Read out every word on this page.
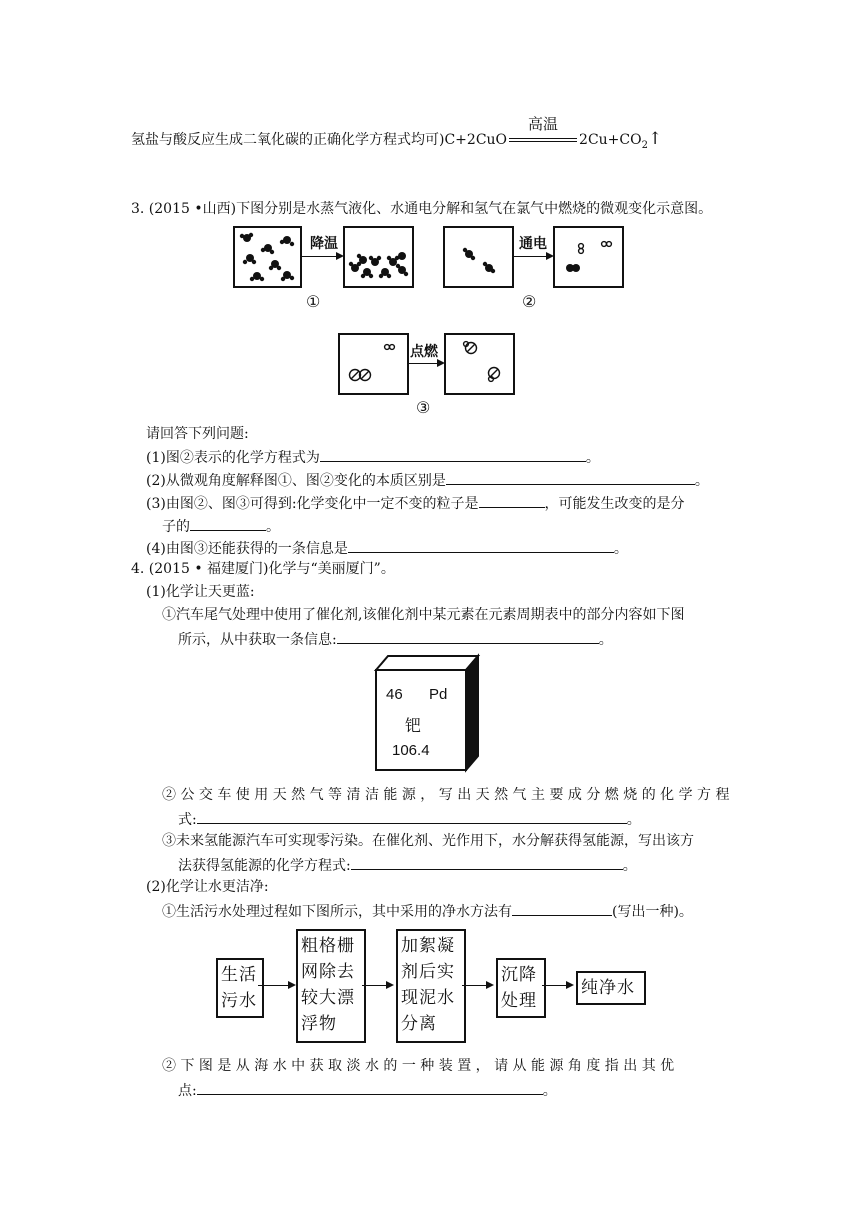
氢盐与酸反应生成二氧化碳的正确化学方程式均可)C+2CuO
高温
$2Cu+CO_2↑$
3. (2015 •山西)下图分别是水蒸气液化、水通电分解和氢气在氯气中燃烧的微观变化示意图。
降温
①
通电
②
点燃
③
请回答下列问题:
(1)图②表示的化学方程式为	。
(2)从微观角度解释图①、图②变化的本质区别是	。
(3)由图②、图③可得到:化学变化中一定不变的粒子是	，可能发生改变的是分
子的	。
(4)由图③还能获得的一条信息是	。
4. (2015 • 福建厦门)化学与“美丽厦门”。
(1)化学让天更蓝:
①汽车尾气处理中使用了催化剂,该催化剂中某元素在元素周期表中的部分内容如下图
所示，从中获取一条信息:	。
46 Pd
钯
106.4
② 公 交 车 使 用 天 然 气 等 清 洁 能 源 ， 写 出 天 然 气 主 要 成 分 燃 烧 的 化 学 方 程
式:	。
③未来氢能源汽车可实现零污染。在催化剂、光作用下，水分解获得氢能源，写出该方
法获得氢能源的化学方程式:	。
(2)化学让水更洁净:
①生活污水处理过程如下图所示，其中采用的净水方法有	(写出一种)。
生活
污水
粗格栅
网除去
较大漂
浮物
加絮凝
剂后实
现泥水
分离
沉降
处理
纯净水
② 下 图 是 从 海 水 中 获 取 淡 水 的 一 种 装 置 ， 请 从 能 源 角 度 指 出 其 优
点:	。
